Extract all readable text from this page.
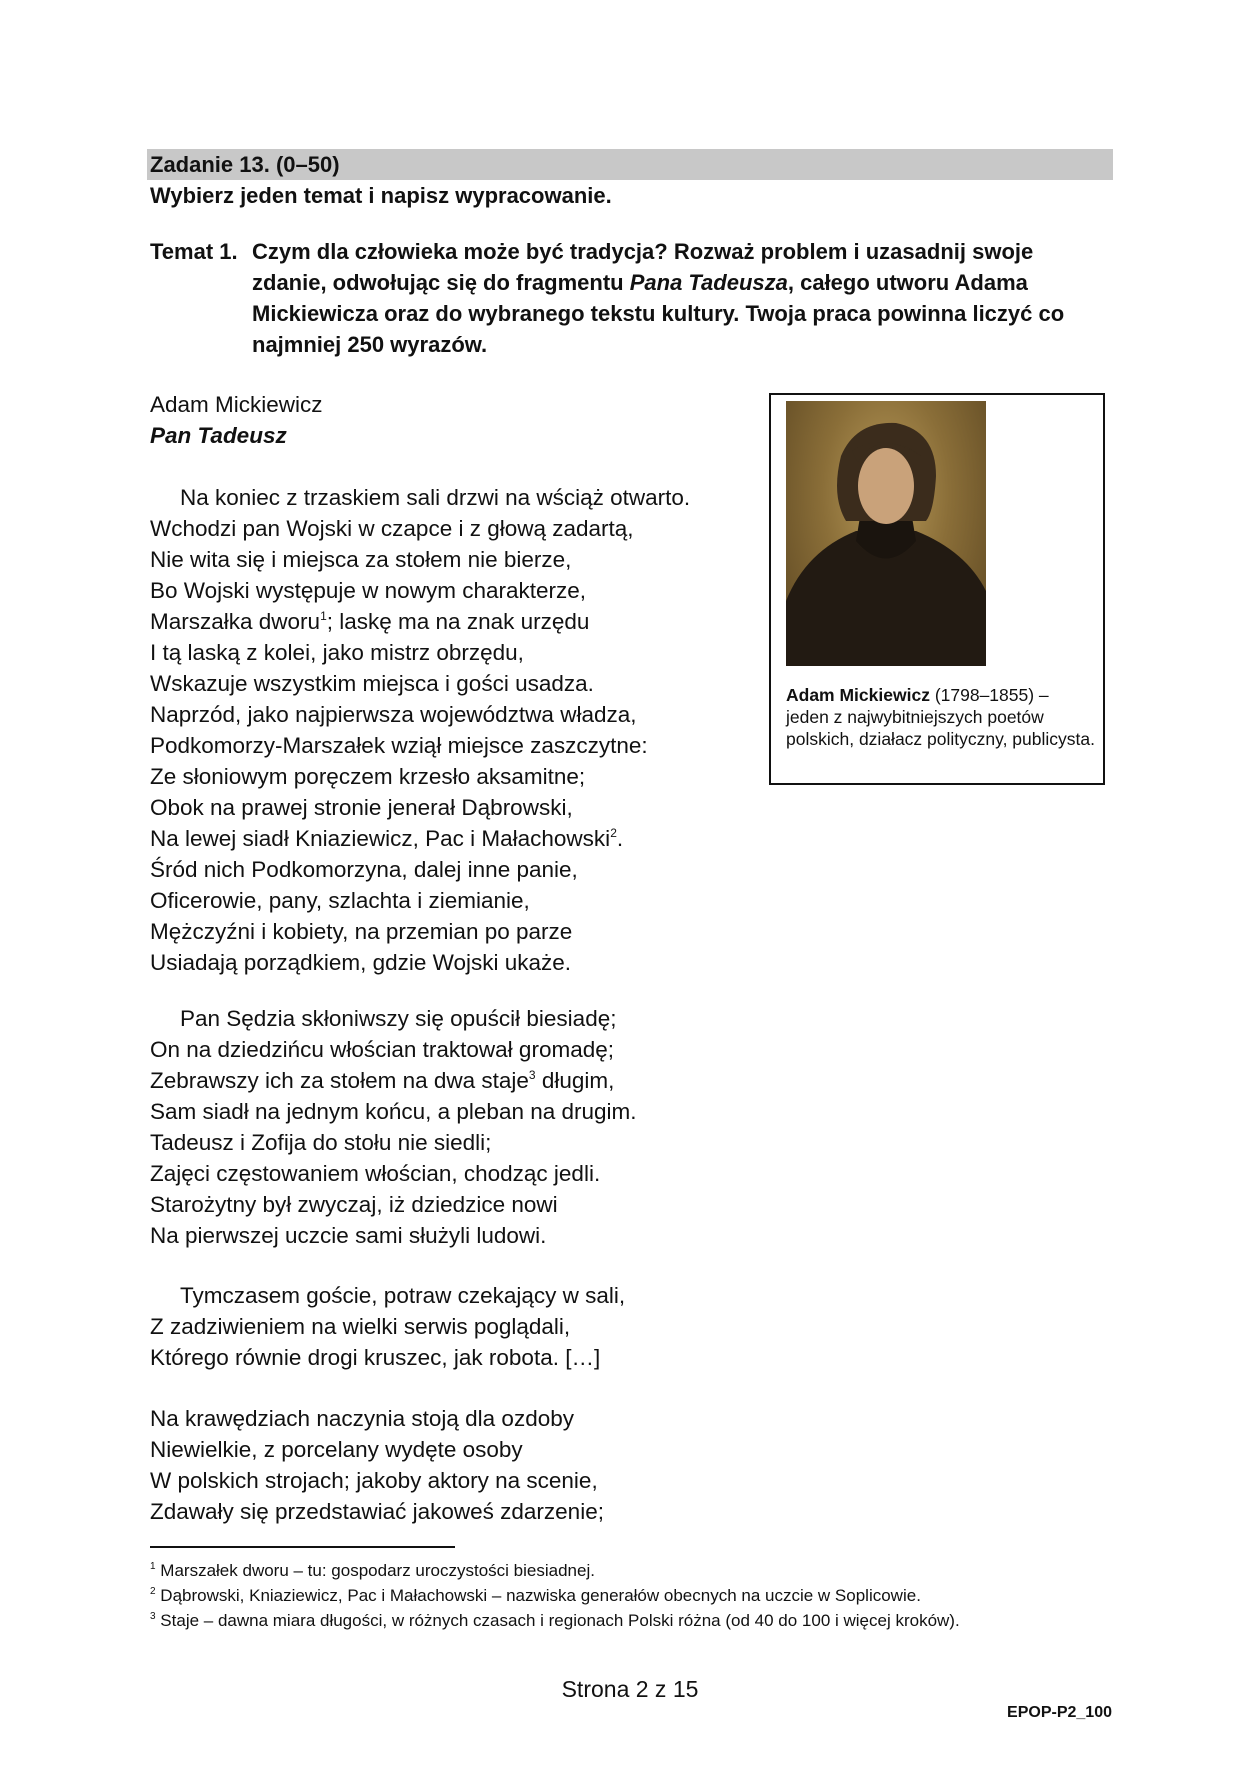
Zadanie 13. (0–50)
Wybierz jeden temat i napisz wypracowanie.
Temat 1. Czym dla człowieka może być tradycja? Rozważ problem i uzasadnij swoje zdanie, odwołując się do fragmentu Pana Tadeusza, całego utworu Adama Mickiewicza oraz do wybranego tekstu kultury. Twoja praca powinna liczyć co najmniej 250 wyrazów.
Adam Mickiewicz
Pan Tadeusz
Na koniec z trzaskiem sali drzwi na wściąż otwarto.
Wchodzi pan Wojski w czapce i z głową zadartą,
Nie wita się i miejsca za stołem nie bierze,
Bo Wojski występuje w nowym charakterze,
Marszałka dworu$^1$; laskę ma na znak urzędu
I tą laską z kolei, jako mistrz obrzędu,
Wskazuje wszystkim miejsca i gości usadza.
Naprzód, jako najpierwsza województwa władza,
Podkomorzy-Marszałek wziął miejsce zaszczytne:
Ze słoniowym poręczem krzesło aksamitne;
Obok na prawej stronie jenerał Dąbrowski,
Na lewej siadł Kniaziewicz, Pac i Małachowski$^2$.
Śród nich Podkomorzyna, dalej inne panie,
Oficerowie, pany, szlachta i ziemianie,
Mężczyźni i kobiety, na przemian po parze
Usiadają porządkiem, gdzie Wojski ukaże.
Pan Sędzia skłoniwszy się opuścił biesiadę;
On na dziedzińcu włościan traktował gromadę;
Zebrawszy ich za stołem na dwa staje$^3$ długim,
Sam siadł na jednym końcu, a pleban na drugim.
Tadeusz i Zofija do stołu nie siedli;
Zajęci częstowaniem włościan, chodząc jedli.
Starożytny był zwyczaj, iż dziedzice nowi
Na pierwszej uczcie sami służyli ludowi.
Tymczasem goście, potraw czekający w sali,
Z zadziwieniem na wielki serwis poglądali,
Którego równie drogi kruszec, jak robota. […]
Na krawędziach naczynia stoją dla ozdoby
Niewielkie, z porcelany wydęte osoby
W polskich strojach; jakoby aktory na scenie,
Zdawały się przedstawiać jakoweś zdarzenie;
Adam Mickiewicz (1798–1855) –
jeden z najwybitniejszych poetów polskich, działacz polityczny, publicysta.
$^1$ Marszałek dworu – tu: gospodarz uroczystości biesiadnej.
$^2$ Dąbrowski, Kniaziewicz, Pac i Małachowski – nazwiska generałów obecnych na uczcie w Soplicowie.
$^3$ Staje – dawna miara długości, w różnych czasach i regionach Polski różna (od 40 do 100 i więcej kroków).
Strona 2 z 15
EPOP-P2_100
